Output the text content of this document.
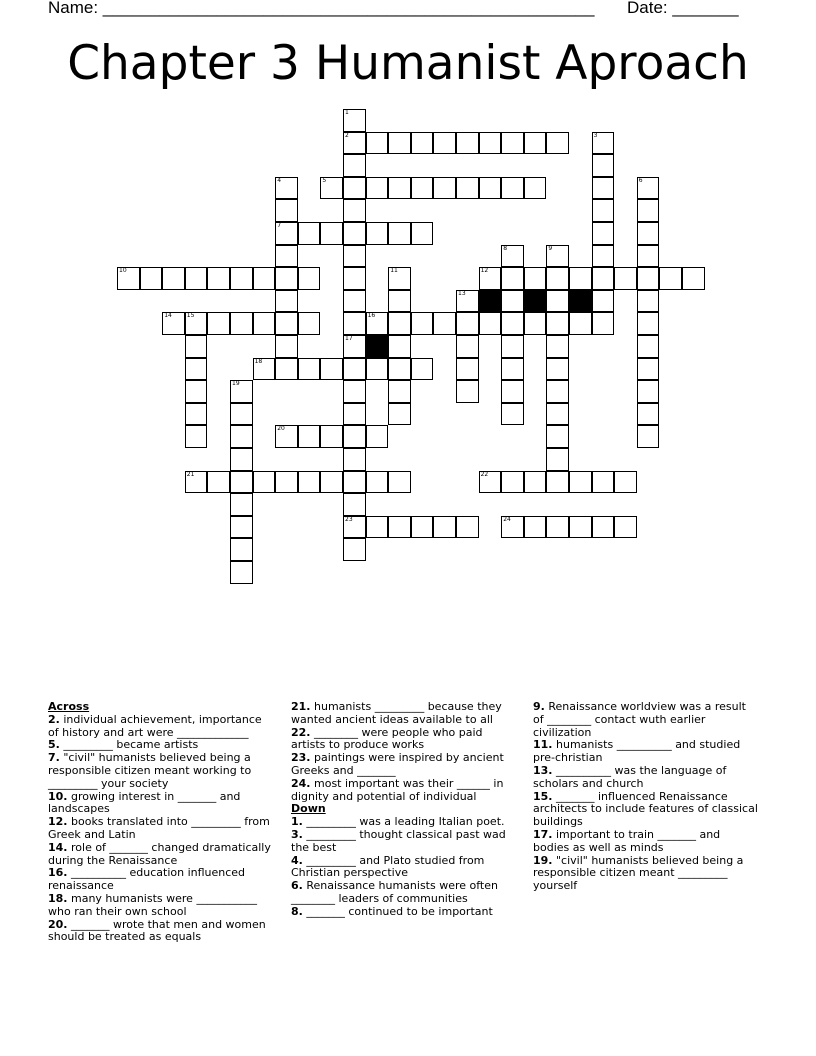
Name: ____________________________________________________ Date: _______
Chapter 3 Humanist Aproach
2
5
7
10	12
14 15	16
18
20
21	22
23	24
1
17
3
4	6
8	9
11
13
19

Across

2. individual achievement, importance of history and art were _____________

5. _________ became artists

7. "civil" humanists believed being a responsible citizen meant working to _________ your society

10. growing interest in _______ and landscapes

12. books translated into _________ from Greek and Latin

14. role of _______ changed dramatically during the Renaissance

16. __________ education influenced renaissance

18. many humanists were ___________ who ran their own school

20. _______ wrote that men and women should be treated as equals

21. humanists _________ because they wanted ancient ideas available to all

22. ________ were people who paid artists to produce works

23. paintings were inspired by ancient Greeks and _______

24. most important was their ______ in dignity and potential of individual

Down

1. _________ was a leading Italian poet.

3. _________ thought classical past wad the best

4. _________ and Plato studied from Christian perspective

6. Renaissance humanists were often ________ leaders of communities

8. _______ continued to be important

9. Renaissance worldview was a result of ________ contact wuth earlier civilization

11. humanists __________ and studied pre-christian

13. __________ was the language of scholars and church

15. _______ influenced Renaissance architects to include features of classical buildings

17. important to train _______ and bodies as well as minds

19. "civil" humanists believed being a responsible citizen meant _________ yourself
